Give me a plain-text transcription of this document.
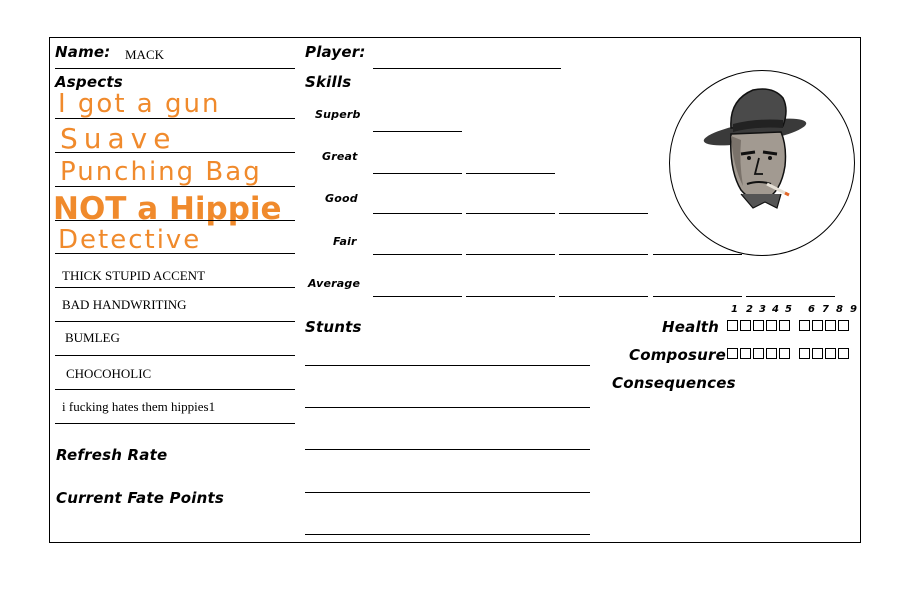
Name: MACK	Player:
Aspects
I got a gun
Suave
Punching Bag
NOT a Hippie
Detective
THICK STUPID ACCENT
BAD HANDWRITING
BUMLEG
CHOCOHOLIC
i fucking hates them hippies1
Refresh Rate
Current Fate Points
Skills
Superb
Great
Good
Fair
Average
Stunts
1 2 3 4 5 6 7 8 9
Health
Composure
Consequences
